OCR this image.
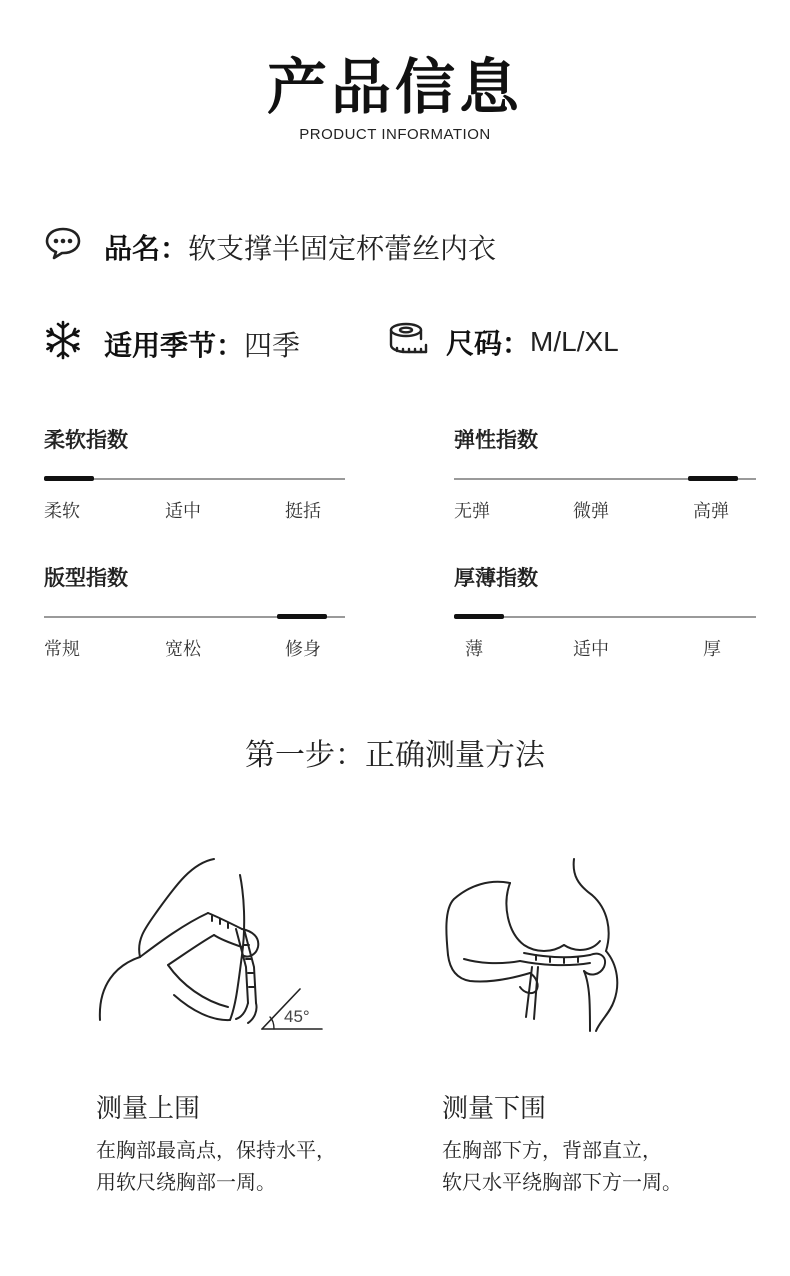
产品信息
PRODUCT INFORMATION
品名： 软支撑半固定杯蕾丝内衣
适用季节： 四季	尺码： M/L/XL
柔软指数
柔软	适中	挺括
弹性指数
无弹	微弹	高弹
版型指数
常规	宽松	修身
厚薄指数
薄	适中	厚
第一步：正确测量方法
45°
测量上围
在胸部最高点，保持水平，
用软尺绕胸部一周。
测量下围
在胸部下方，背部直立，
软尺水平绕胸部下方一周。
